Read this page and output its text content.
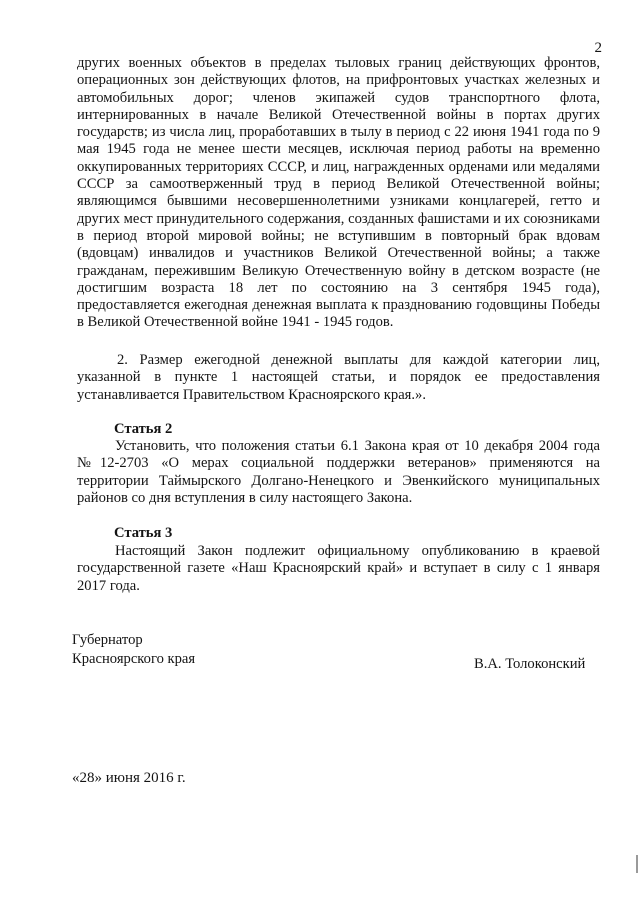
2

других военных объектов в пределах тыловых границ действующих фронтов, операционных зон действующих флотов, на прифронтовых участках железных и автомобильных дорог; членов экипажей судов транспортного флота, интернированных в начале Великой Отечественной войны в портах других государств; из числа лиц, проработавших в тылу в период с 22 июня 1941 года по 9 мая 1945 года не менее шести месяцев, исключая период работы на временно оккупированных территориях СССР, и лиц, награжденных орденами или медалями СССР за самоотверженный труд в период Великой Отечественной войны; являющимся бывшими несовершеннолетними узниками концлагерей, гетто и других мест принудительного содержания, созданных фашистами и их союзниками в период второй мировой войны; не вступившим в повторный брак вдовам (вдовцам) инвалидов и участников Великой Отечественной войны; а также гражданам, пережившим Великую Отечественную войну в детском возрасте (не достигшим возраста 18 лет по состоянию на 3 сентября 1945 года), предоставляется ежегодная денежная выплата к празднованию годовщины Победы в Великой Отечественной войне 1941 - 1945 годов.

2. Размер ежегодной денежной выплаты для каждой категории лиц, указанной в пункте 1 настоящей статьи, и порядок ее предоставления устанавливается Правительством Красноярского края.».

Статья 2

Установить, что положения статьи 6.1 Закона края от 10 декабря 2004 года №12-2703 «О мерах социальной поддержки ветеранов» применяются на территории Таймырского Долгано-Ненецкого и Эвенкийского муниципальных районов со дня вступления в силу настоящего Закона.

Статья 3

Настоящий Закон подлежит официальному опубликованию в краевой государственной газете «Наш Красноярский край» и вступает в силу с 1 января 2017 года.

Губернатор
Красноярского края	В.А. Толоконский
«28» июня 2016 г.
